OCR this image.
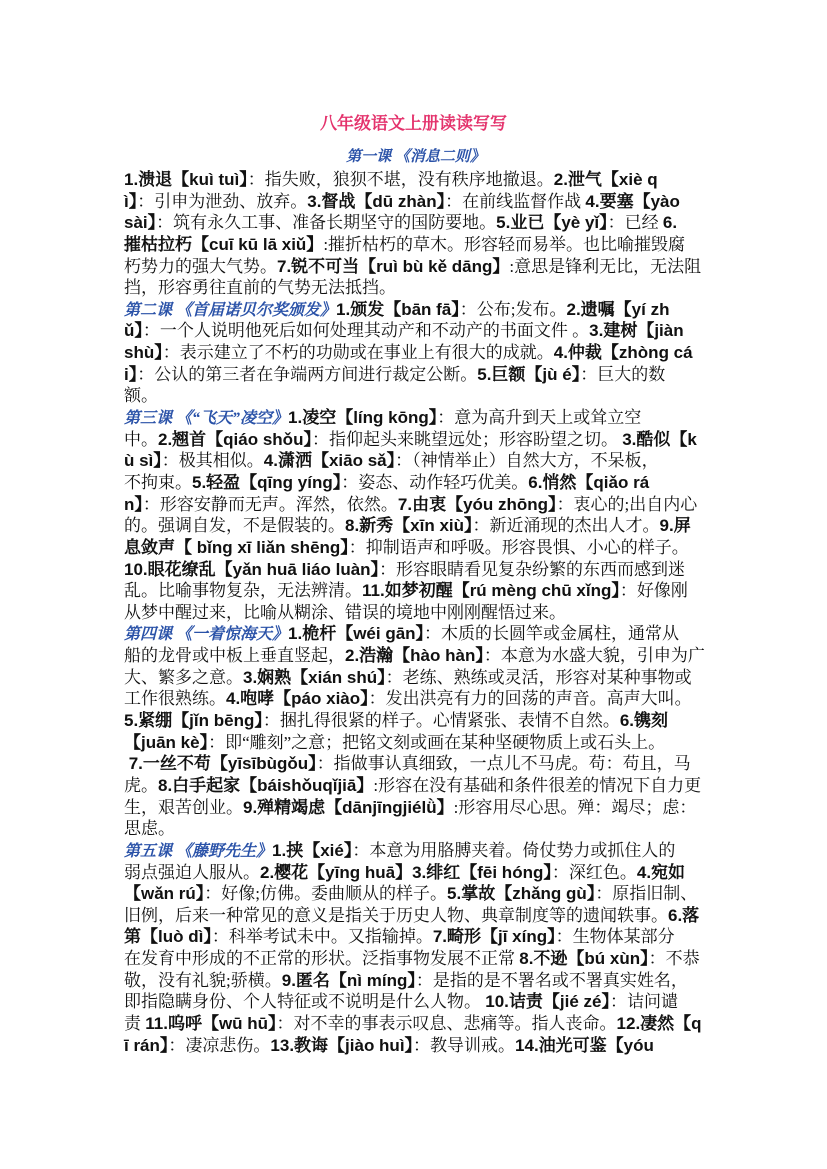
八年级语文上册读读写写
第一课 《消息二则》
1.溃退【kuì tuì】：指失败，狼狈不堪，没有秩序地撤退。2.泄气【xiè q
ì】：引申为泄劲、放弃。3.督战【dū zhàn】：在前线监督作战 4.要塞【yào
sài】：筑有永久工事、准备长期坚守的国防要地。5.业已【yè yǐ】：已经 6.
摧枯拉朽【cuī kū lā xiǔ】:摧折枯朽的草木。形容轻而易举。也比喻摧毁腐
朽势力的强大气势。7.锐不可当【ruì bù kě dāng】:意思是锋利无比，无法阻
挡，形容勇往直前的气势无法抵挡。
第二课 《首届诺贝尔奖颁发》1.颁发【bān fā】：公布;发布。2.遗嘱【yí zh
ǔ】：一个人说明他死后如何处理其动产和不动产的书面文件 。3.建树【jiàn
shù】：表示建立了不朽的功勋或在事业上有很大的成就。4.仲裁【zhòng cá
i】：公认的第三者在争端两方间进行裁定公断。5.巨额【jù é】：巨大的数
额。
第三课 《“飞天”凌空》1.凌空【líng kōng】：意为高升到天上或耸立空
中。2.翘首【qiáo shǒu】：指仰起头来眺望远处；形容盼望之切。 3.酷似【k
ù sì】：极其相似。4.潇洒【xiāo sǎ】：（神情举止）自然大方，不呆板，
不拘束。5.轻盈【qīng yíng】：姿态、动作轻巧优美。6.悄然【qiǎo rá
n】：形容安静而无声。浑然，依然。7.由衷【yóu zhōng】：衷心的;出自内心
的。强调自发，不是假装的。8.新秀【xīn xiù】：新近涌现的杰出人才。9.屏
息敛声【 bǐng xī liǎn shēng】：抑制语声和呼吸。形容畏惧、小心的样子。
10.眼花缭乱【yǎn huā liáo luàn】：形容眼睛看见复杂纷繁的东西而感到迷
乱。比喻事物复杂，无法辨清。11.如梦初醒【rú mèng chū xǐng】：好像刚
从梦中醒过来，比喻从糊涂、错误的境地中刚刚醒悟过来。
第四课 《一着惊海天》1.桅杆【wéi gān】：木质的长圆竿或金属柱，通常从
船的龙骨或中板上垂直竖起，2.浩瀚【hào hàn】：本意为水盛大貌，引申为广
大、繁多之意。3.娴熟【xián shú】：老练、熟练或灵活，形容对某种事物或
工作很熟练。4.咆哮【páo xiào】：发出洪亮有力的回荡的声音。高声大叫。
5.紧绷【jǐn bēng】：捆扎得很紧的样子。心情紧张、表情不自然。6.镌刻
【juān kè】：即“雕刻”之意；把铭文刻或画在某种坚硬物质上或石头上。
7.一丝不苟【yīsībùgǒu】：指做事认真细致，一点儿不马虎。苟：苟且，马
虎。8.白手起家【báishǒuqǐjiā】:形容在没有基础和条件很差的情况下自力更
生，艰苦创业。9.殚精竭虑【dānjīngjiélǜ】:形容用尽心思。殚：竭尽；虑：
思虑。
第五课 《藤野先生》1.挟【xié】：本意为用胳膊夹着。倚仗势力或抓住人的
弱点强迫人服从。2.樱花【yīng huā】3.绯红【fēi hóng】：深红色。4.宛如
【wǎn rú】：好像;仿佛。委曲顺从的样子。5.掌故【zhǎng gù】：原指旧制、
旧例，后来一种常见的意义是指关于历史人物、典章制度等的遗闻轶事。6.落
第【luò dì】：科举考试未中。又指输掉。7.畸形【jī xíng】：生物体某部分
在发育中形成的不正常的形状。泛指事物发展不正常 8.不逊【bú xùn】：不恭
敬，没有礼貌;骄横。9.匿名【nì míng】：是指的是不署名或不署真实姓名，
即指隐瞒身份、个人特征或不说明是什么人物。 10.诘责【jié zé】：诘问谴
责 11.呜呼【wū hū】：对不幸的事表示叹息、悲痛等。指人丧命。12.凄然【q
ī rán】：凄凉悲伤。13.教诲【jiào huì】：教导训戒。14.油光可鉴【yóu
